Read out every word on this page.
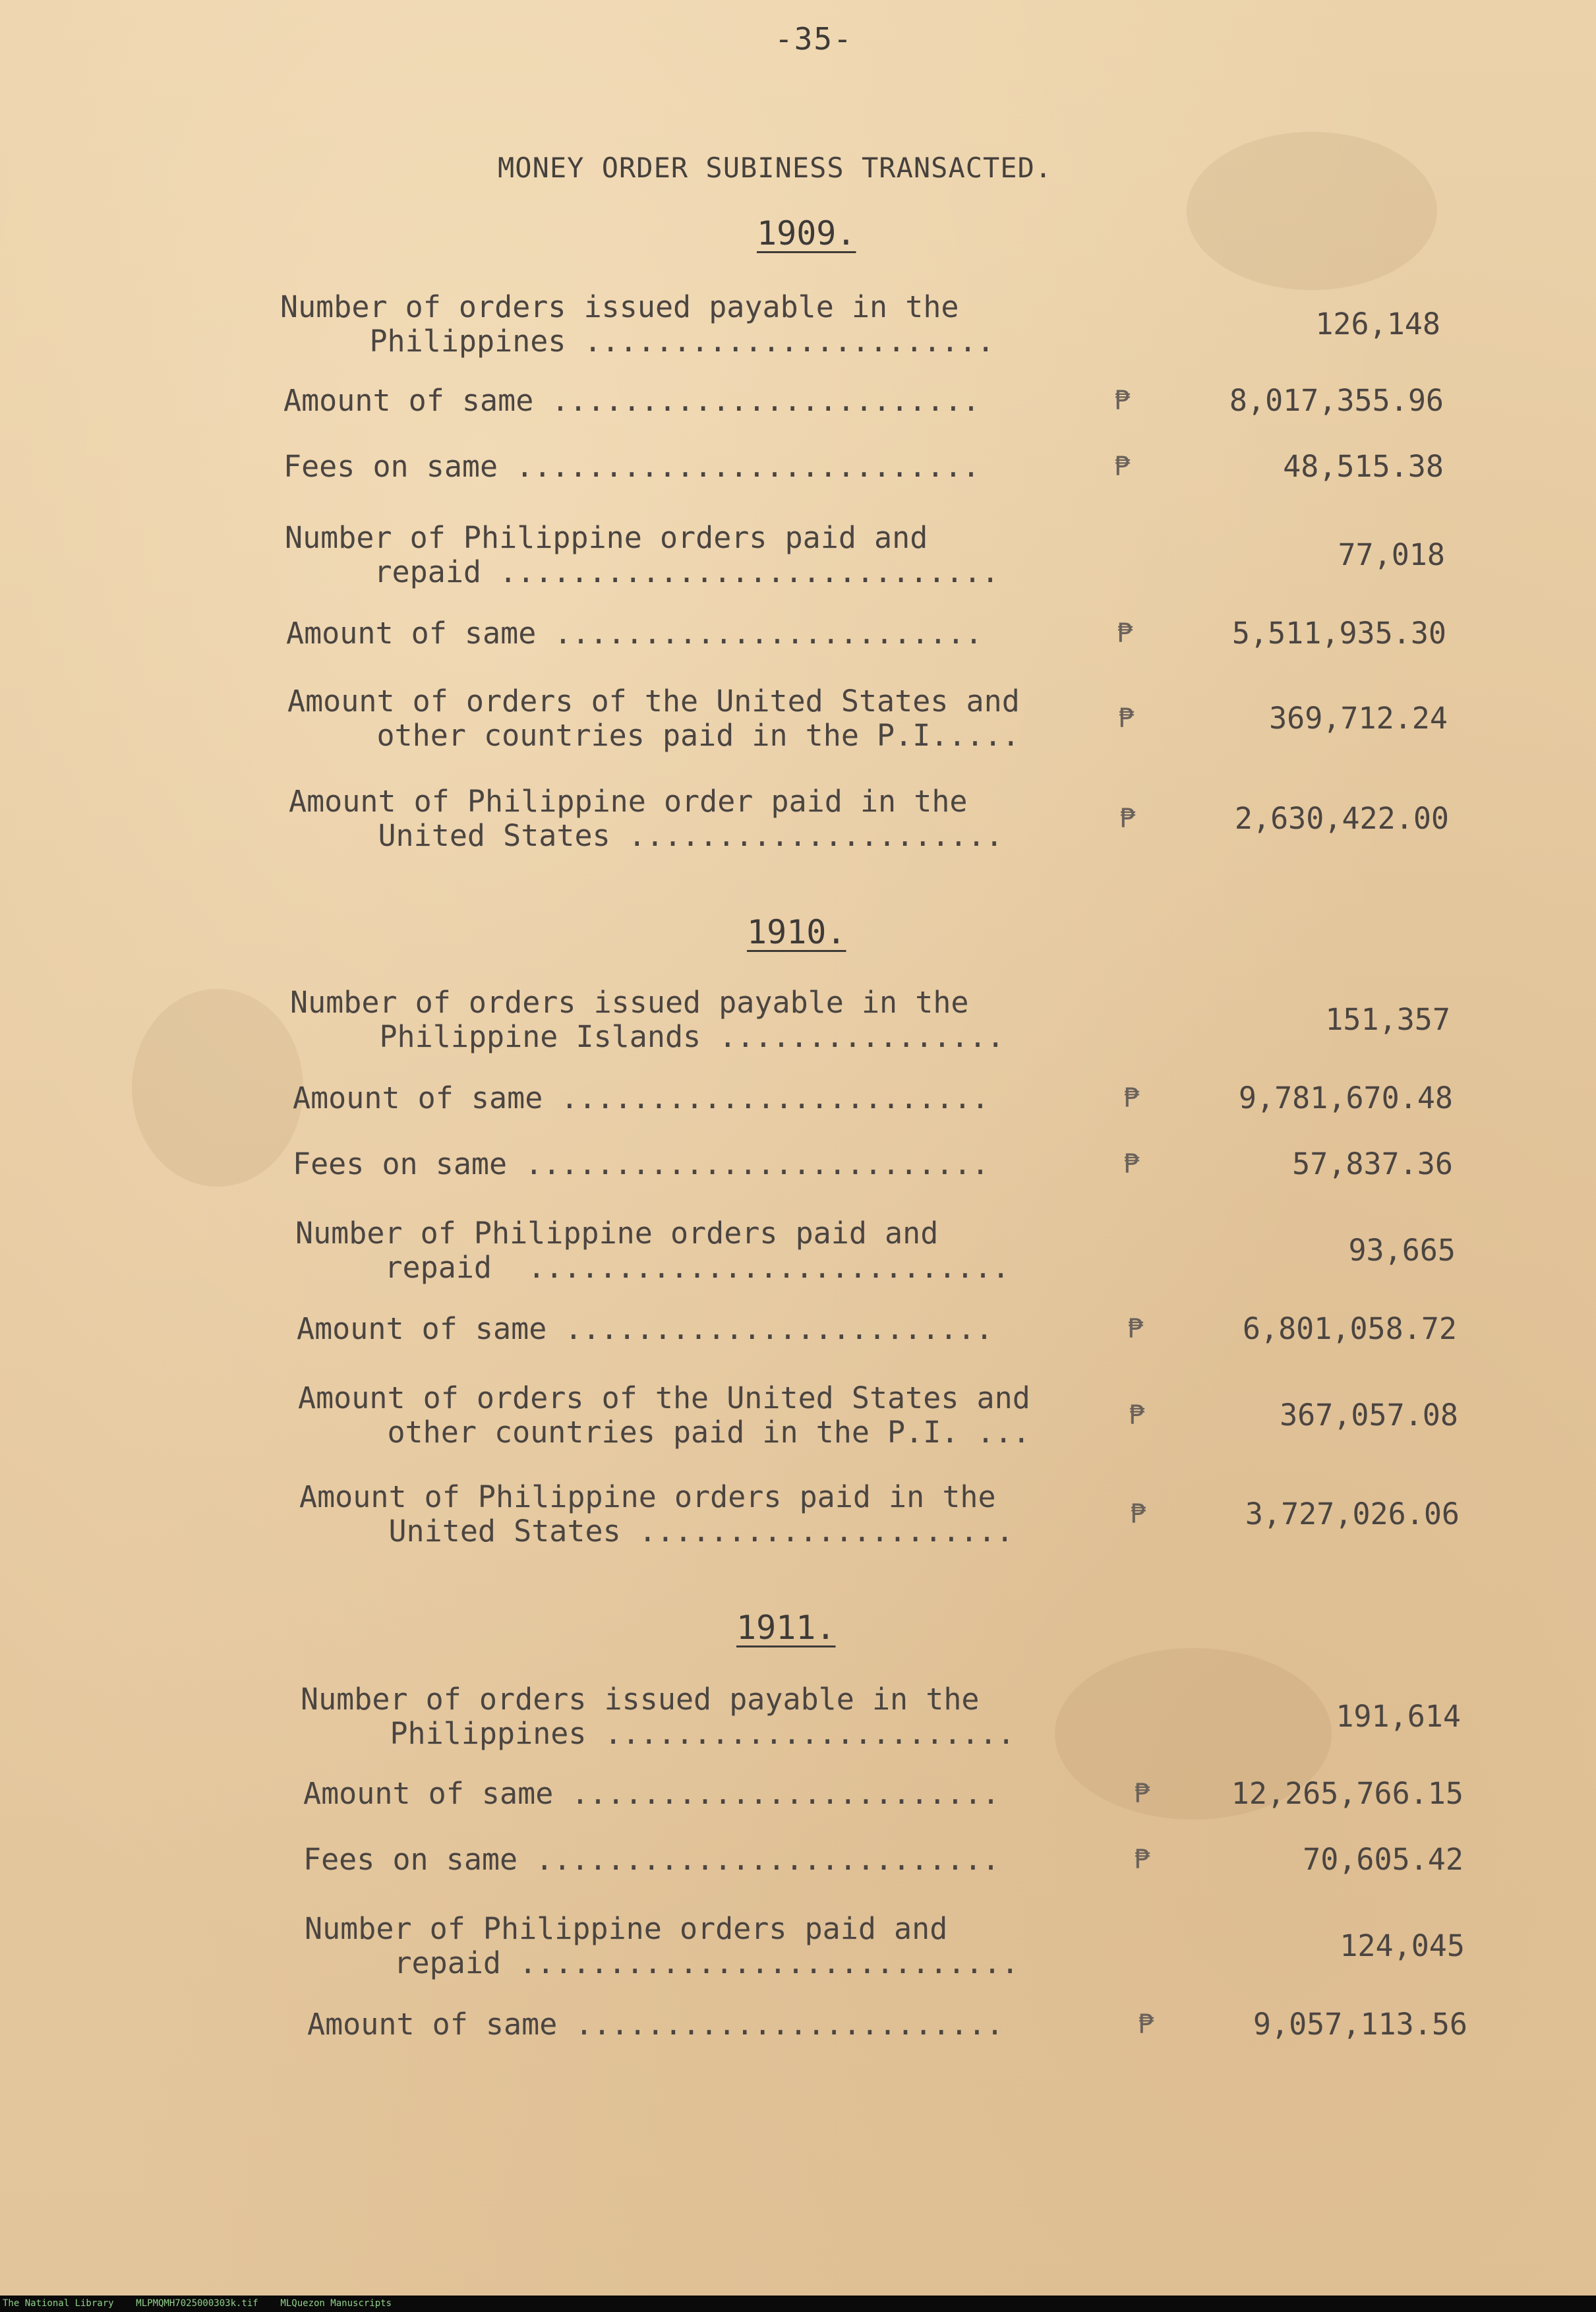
-35-
MONEY ORDER SUBINESS TRANSACTED.
1909.
Number of orders issued payable in the
Philippines .......................	126,148
Amount of same ........................	₱	8,017,355.96
Fees on same ..........................	₱	48,515.38
Number of Philippine orders paid and
repaid ............................	77,018
Amount of same ........................	₱	5,511,935.30
Amount of orders of the United States and
other countries paid in the P.I.....	₱	369,712.24
Amount of Philippine order paid in the
United States .....................	₱	2,630,422.00
1910.
Number of orders issued payable in the
Philippine Islands ................	151,357
Amount of same ........................	₱	9,781,670.48
Fees on same ..........................	₱	57,837.36
Number of Philippine orders paid and
repaid  ...........................	93,665
Amount of same ........................	₱	6,801,058.72
Amount of orders of the United States and
other countries paid in the P.I. ...	₱	367,057.08
Amount of Philippine orders paid in the
United States .....................	₱	3,727,026.06
1911.
Number of orders issued payable in the
Philippines .......................	191,614
Amount of same ........................	₱	12,265,766.15
Fees on same ..........................	₱	70,605.42
Number of Philippine orders paid and
repaid ............................	124,045
Amount of same ........................	₱	9,057,113.56
The National Library    MLPMQMH7025000303k.tif    MLQuezon Manuscripts
